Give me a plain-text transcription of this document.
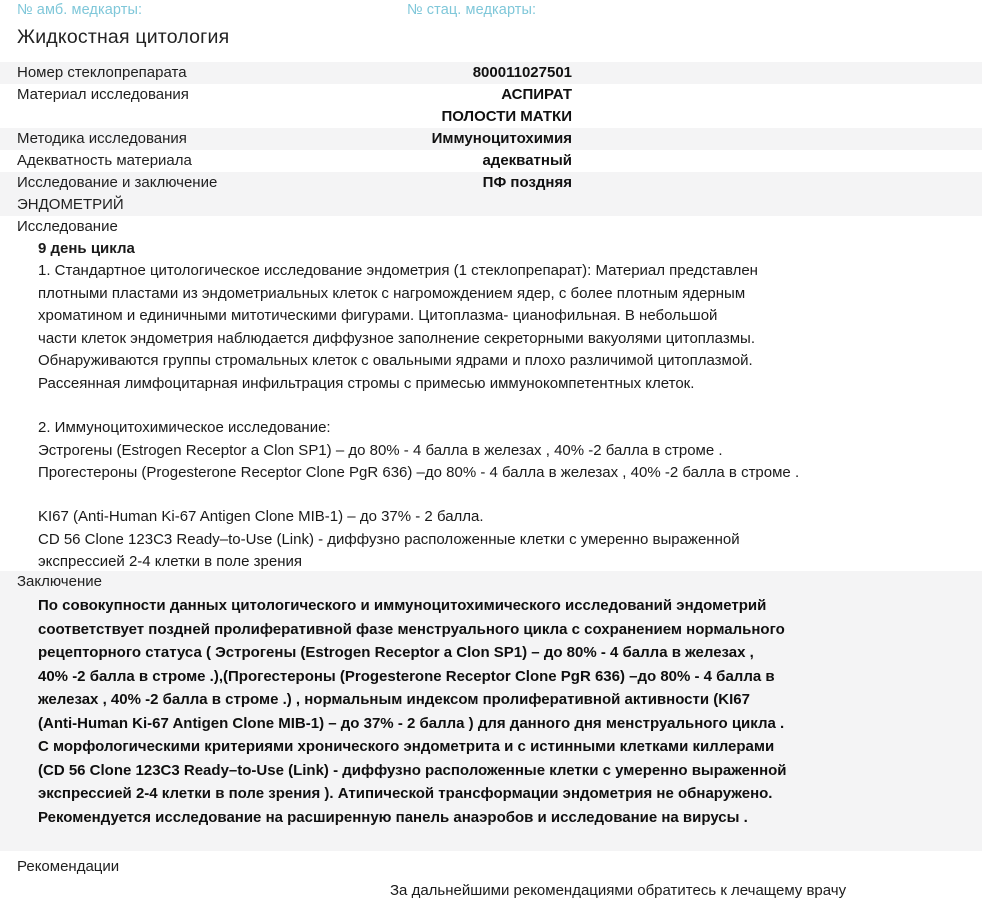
№ амб. медкарты:	№ стац. медкарты:
Жидкостная цитология
Номер стеклопрепарата	800011027501
Материал исследования	АСПИРАТ
ПОЛОСТИ МАТКИ
Методика исследования	Иммуноцитохимия
Адекватность материала	адекватный
Исследование и заключение	ПФ поздняя
ЭНДОМЕТРИЙ
Исследование
9 день цикла
1. Стандартное цитологическое исследование эндометрия (1 стеклопрепарат): Материал представлен
плотными пластами из эндометриальных клеток с нагромождением ядер, с более плотным ядерным
хроматином и единичными митотическими фигурами. Цитоплазма- цианофильная. В небольшой
части клеток эндометрия наблюдается диффузное заполнение секреторными вакуолями цитоплазмы.
Обнаруживаются группы стромальных клеток с овальными ядрами и плохо различимой цитоплазмой.
Рассеянная лимфоцитарная инфильтрация стромы с примесью иммунокомпетентных клеток.
2. Иммуноцитохимическое исследование:
Эстрогены (Estrogen Receptor a Clon SP1) – до 80% - 4 балла в железах , 40% -2 балла в строме .
Прогестероны (Progesterone Receptor Clone PgR 636) –до 80% - 4 балла в железах , 40% -2 балла в строме .
KI67 (Anti-Human Ki-67 Antigen Clone MIB-1) – до 37% - 2 балла.
CD 56 Clone 123C3 Ready–to-Use (Link) - диффузно расположенные клетки с умеренно выраженной
экспрессией 2-4 клетки в поле зрения
Заключение
По совокупности данных цитологического и иммуноцитохимического исследований эндометрий
соответствует поздней пролиферативной фазе менструального цикла с сохранением нормального
рецепторного статуса ( Эстрогены (Estrogen Receptor a Clon SP1) – до 80% - 4 балла в железах ,
40% -2 балла в строме .),(Прогестероны (Progesterone Receptor Clone PgR 636) –до 80% - 4 балла в
железах , 40% -2 балла в строме .) , нормальным индексом пролиферативной активности (KI67
(Anti-Human Ki-67 Antigen Clone MIB-1) – до 37% - 2 балла ) для данного дня менструального цикла .
С морфологическими критериями хронического эндометрита и с истинными клетками киллерами
(CD 56 Clone 123C3 Ready–to-Use (Link) - диффузно расположенные клетки с умеренно выраженной
экспрессией 2-4 клетки в поле зрения ). Атипической трансформации эндометрия не обнаружено.
Рекомендуется исследование на расширенную панель анаэробов и исследование на вирусы .
Рекомендации
За дальнейшими рекомендациями обратитесь к лечащему врачу
